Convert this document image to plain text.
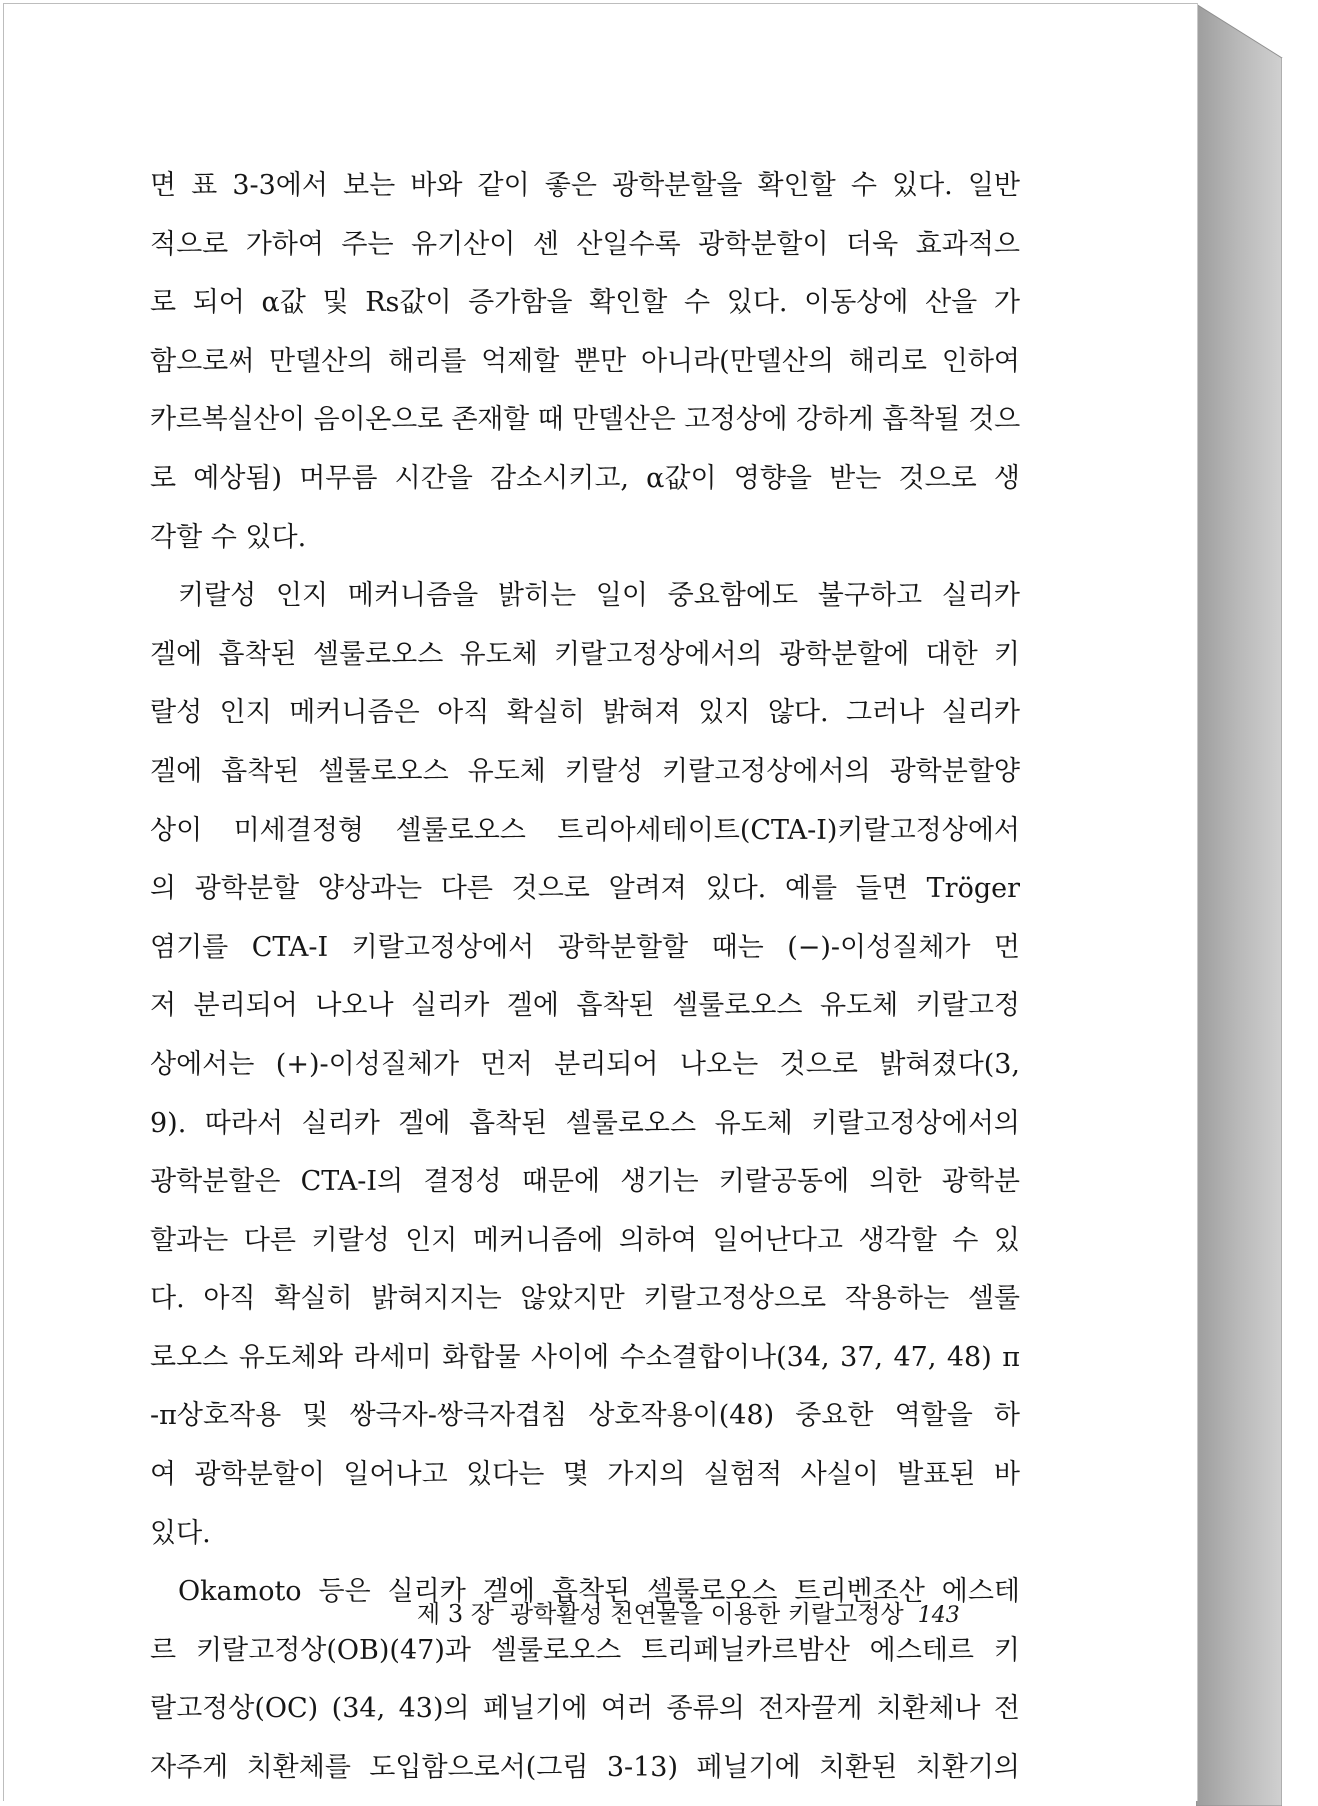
면 표 3-3에서 보는 바와 같이 좋은 광학분할을 확인할 수 있다. 일반
적으로 가하여 주는 유기산이 센 산일수록 광학분할이 더욱 효과적으
로 되어 α값 및 Rs값이 증가함을 확인할 수 있다. 이동상에 산을 가
함으로써 만델산의 해리를 억제할 뿐만 아니라(만델산의 해리로 인하여
카르복실산이 음이온으로 존재할 때 만델산은 고정상에 강하게 흡착될 것으
로 예상됨) 머무름 시간을 감소시키고, α값이 영향을 받는 것으로 생
각할 수 있다.
키랄성 인지 메커니즘을 밝히는 일이 중요함에도 불구하고 실리카
겔에 흡착된 셀룰로오스 유도체 키랄고정상에서의 광학분할에 대한 키
랄성 인지 메커니즘은 아직 확실히 밝혀져 있지 않다. 그러나 실리카
겔에 흡착된 셀룰로오스 유도체 키랄성 키랄고정상에서의 광학분할양
상이 미세결정형 셀룰로오스 트리아세테이트(CTA-I)키랄고정상에서
의 광학분할 양상과는 다른 것으로 알려져 있다. 예를 들면 Tröger
염기를 CTA-I 키랄고정상에서 광학분할할 때는 (−)-이성질체가 먼
저 분리되어 나오나 실리카 겔에 흡착된 셀룰로오스 유도체 키랄고정
상에서는 (+)-이성질체가 먼저 분리되어 나오는 것으로 밝혀졌다(3,
9). 따라서 실리카 겔에 흡착된 셀룰로오스 유도체 키랄고정상에서의
광학분할은 CTA-I의 결정성 때문에 생기는 키랄공동에 의한 광학분
할과는 다른 키랄성 인지 메커니즘에 의하여 일어난다고 생각할 수 있
다. 아직 확실히 밝혀지지는 않았지만 키랄고정상으로 작용하는 셀룰
로오스 유도체와 라세미 화합물 사이에 수소결합이나(34, 37, 47, 48) π
-π상호작용 및 쌍극자-쌍극자겹침 상호작용이(48) 중요한 역할을 하
여 광학분할이 일어나고 있다는 몇 가지의 실험적 사실이 발표된 바
있다.
Okamoto 등은 실리카 겔에 흡착된 셀룰로오스 트리벤조산 에스테
르 키랄고정상(OB)(47)과 셀룰로오스 트리페닐카르밤산 에스테르 키
랄고정상(OC) (34, 43)의 페닐기에 여러 종류의 전자끌게 치환체나 전
자주게 치환체를 도입함으로서(그림 3-13) 페닐기에 치환된 치환기의
제 3 장 광학활성 천연물을 이용한 키랄고정상 143
